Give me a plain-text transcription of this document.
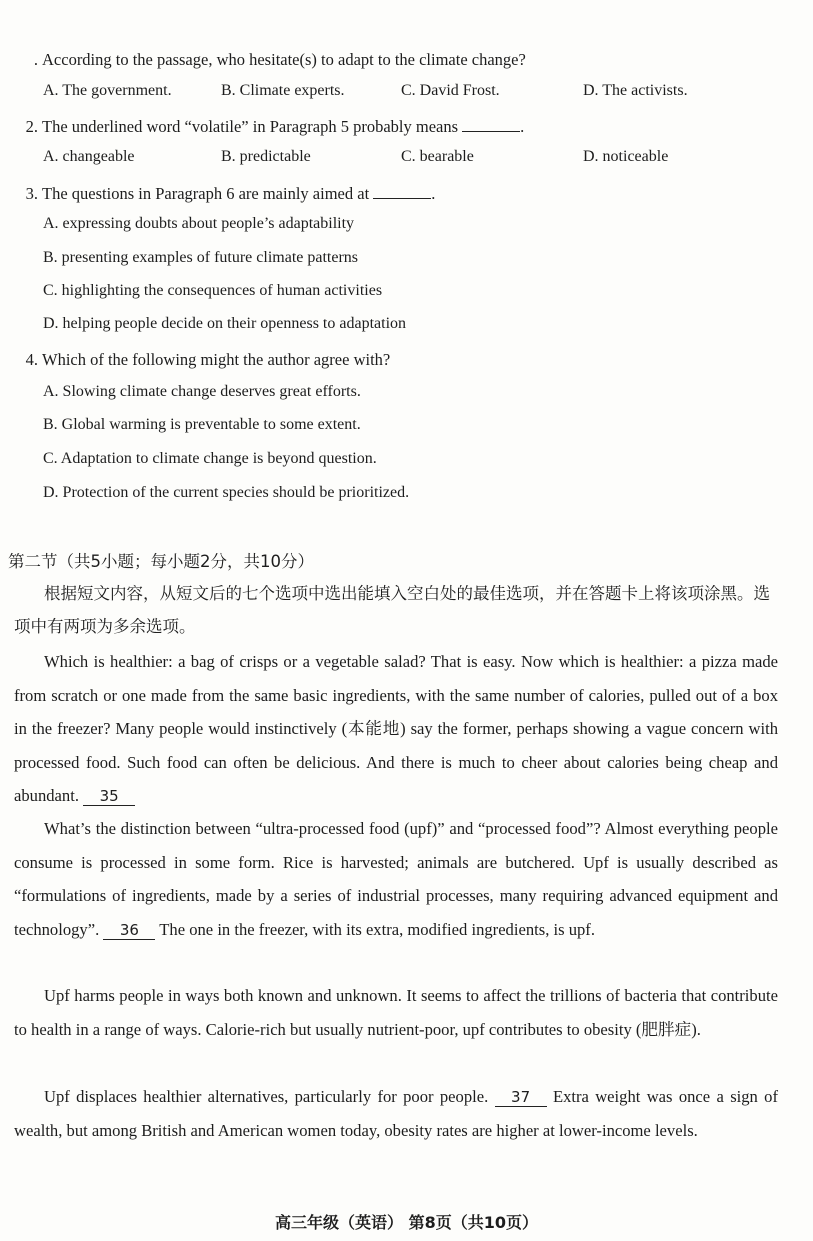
. According to the passage, who hesitate(s) to adapt to the climate change?
A. The government.	B. Climate experts.	C. David Frost.	D. The activists.
2. The underlined word “volatile” in Paragraph 5 probably means	.
A. changeable	B. predictable	C. bearable	D. noticeable
3. The questions in Paragraph 6 are mainly aimed at	.
A. expressing doubts about people’s adaptability
B. presenting examples of future climate patterns
C. highlighting the consequences of human activities
D. helping people decide on their openness to adaptation
4. Which of the following might the author agree with?
A. Slowing climate change deserves great efforts.
B. Global warming is preventable to some extent.
C. Adaptation to climate change is beyond question.
D. Protection of the current species should be prioritized.
第二节（共5小题；每小题2分，共10分）
根据短文内容，从短文后的七个选项中选出能填入空白处的最佳选项，并在答题卡上将该项涂黑。选项中有两项为多余选项。
Which is healthier: a bag of crisps or a vegetable salad? That is easy. Now which is healthier: a pizza made from scratch or one made from the same basic ingredients, with the same number of calories, pulled out of a box in the freezer? Many people would instinctively (本能地) say the former, perhaps showing a vague concern with processed food. Such food can often be delicious. And there is much to cheer about calories being cheap and abundant. 35
What’s the distinction between “ultra-processed food (upf)” and “processed food”? Almost everything people consume is processed in some form. Rice is harvested; animals are butchered. Upf is usually described as “formulations of ingredients, made by a series of industrial processes, many requiring advanced equipment and technology”. 36 The one in the freezer, with its extra, modified ingredients, is upf.
Upf harms people in ways both known and unknown. It seems to affect the trillions of bacteria that contribute to health in a range of ways. Calorie-rich but usually nutrient-poor, upf contributes to obesity (肥胖症).
Upf displaces healthier alternatives, particularly for poor people. 37 Extra weight was once a sign of wealth, but among British and American women today, obesity rates are higher at lower-income levels.
高三年级（英语） 第8页（共10页）
